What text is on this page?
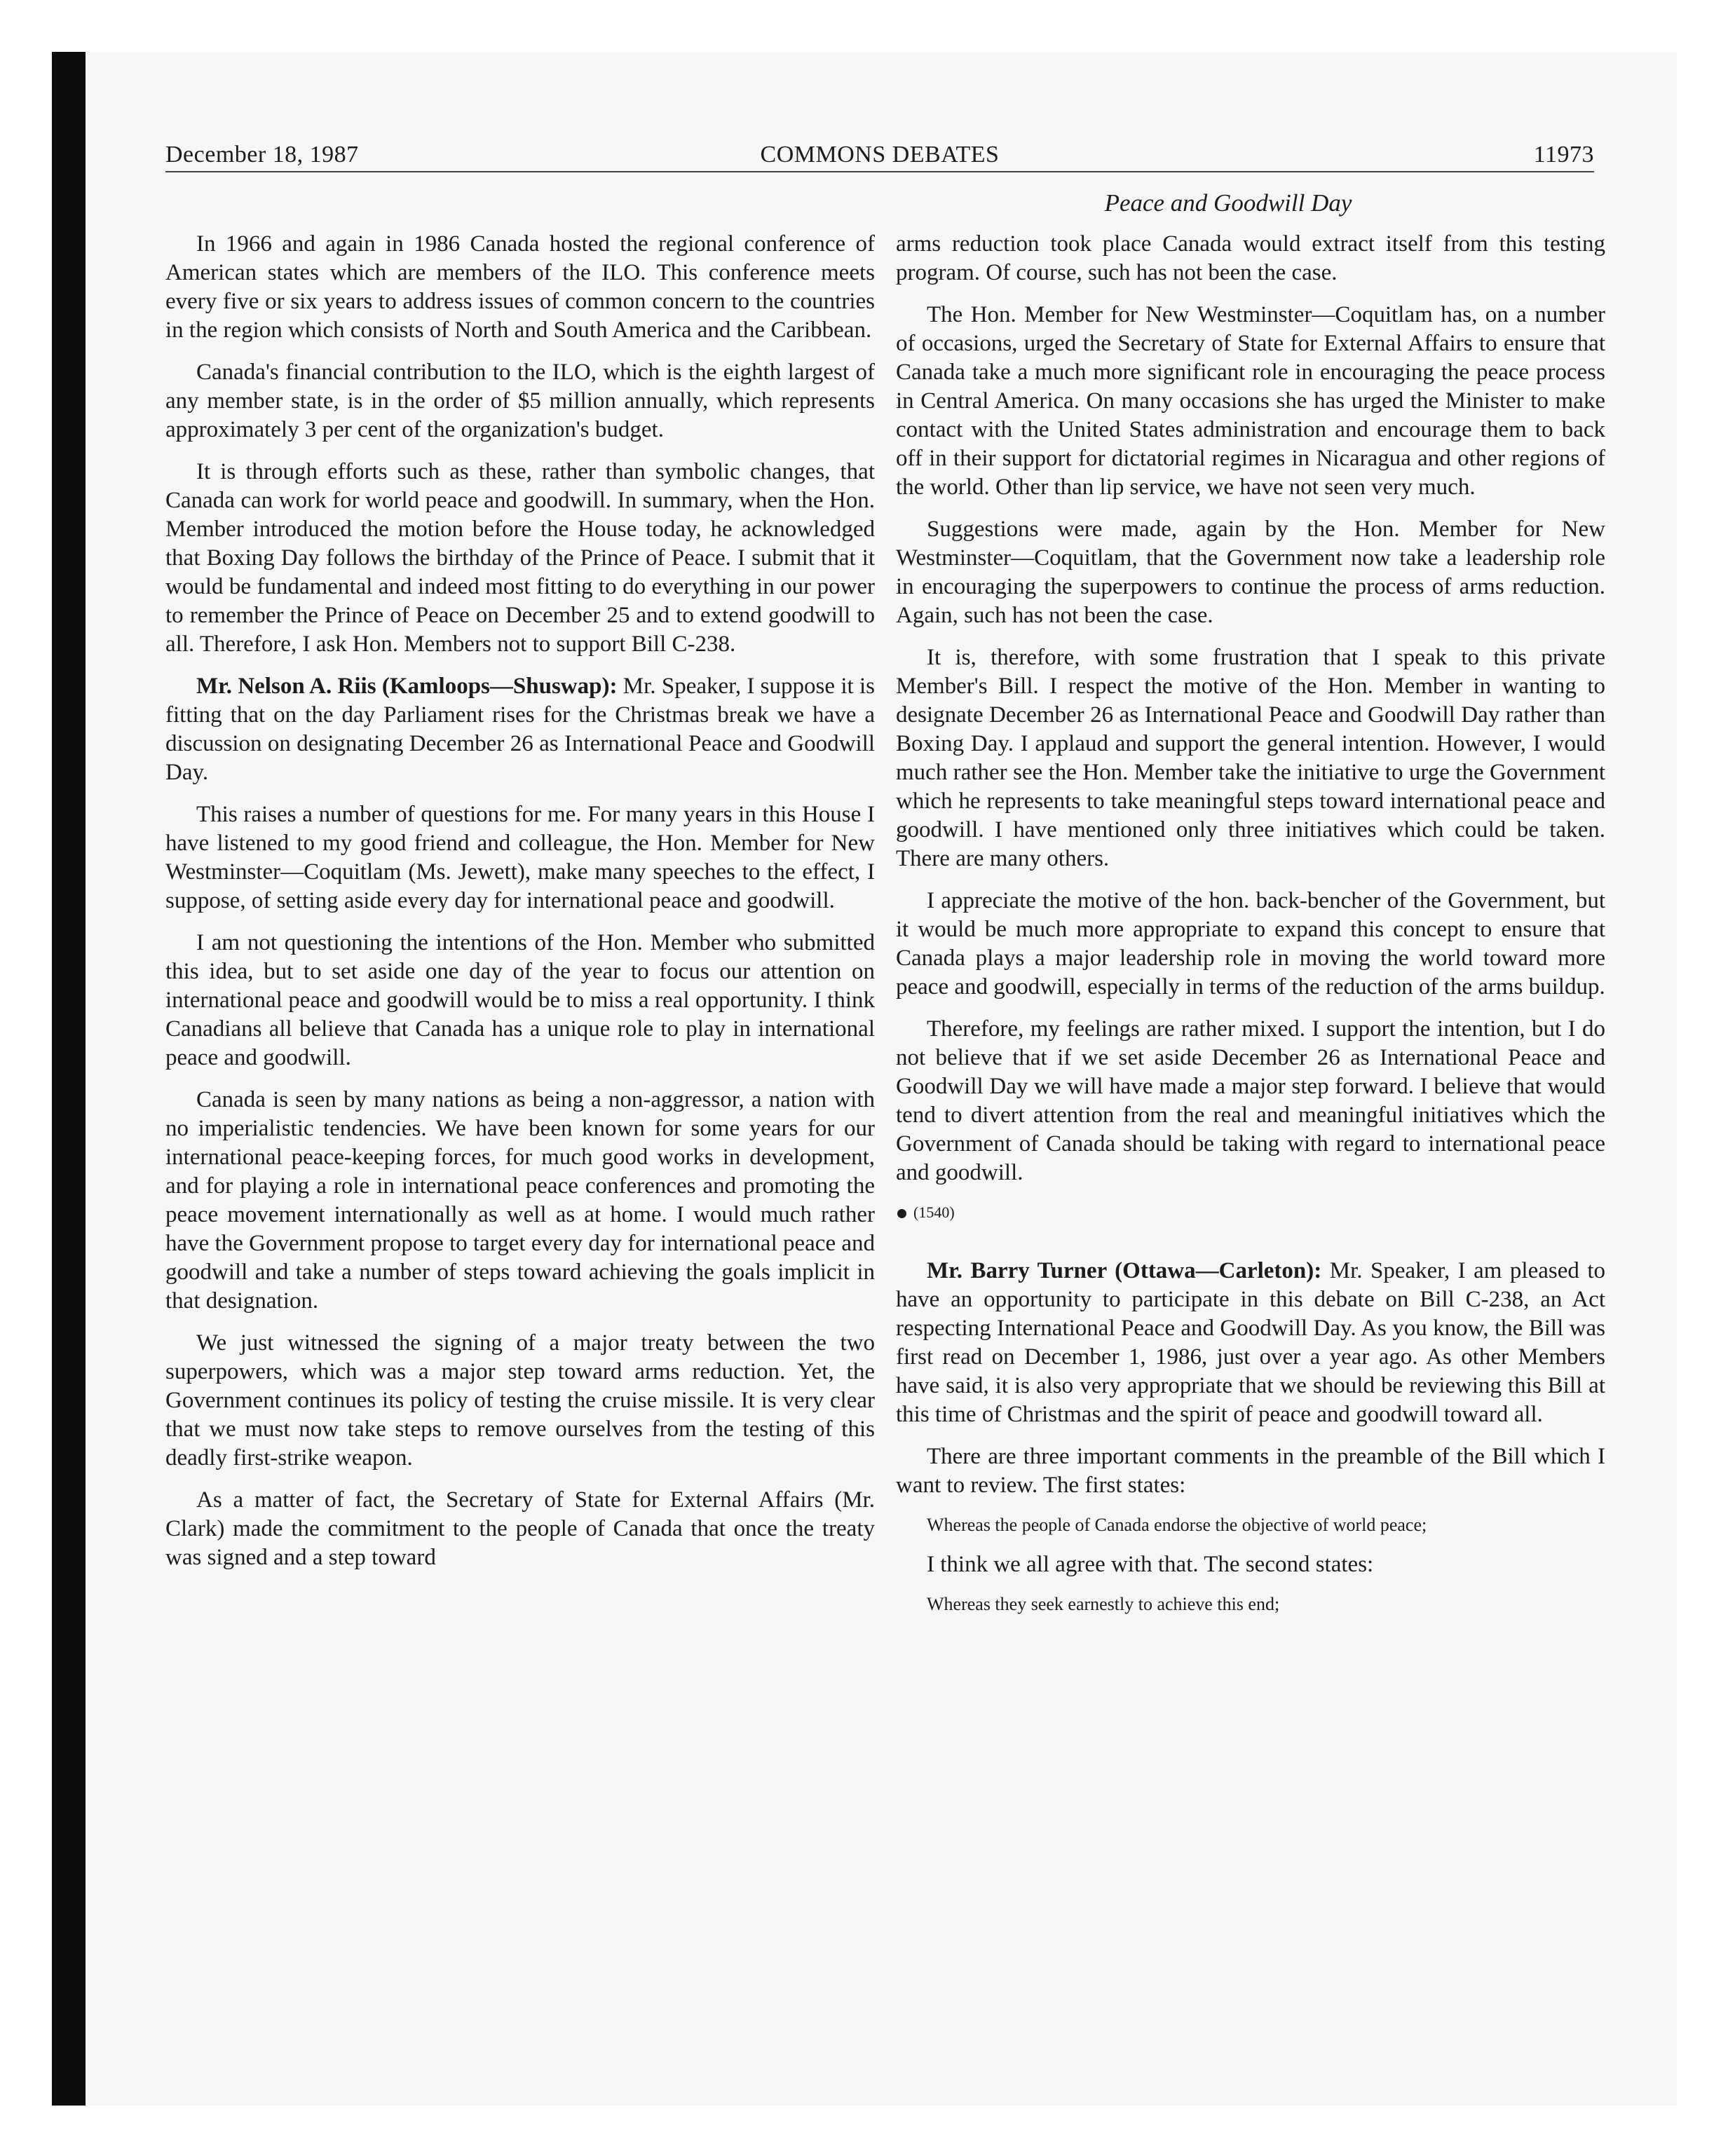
December 18, 1987	COMMONS DEBATES	11973
Peace and Goodwill Day

In 1966 and again in 1986 Canada hosted the regional conference of American states which are members of the ILO. This conference meets every five or six years to address issues of common concern to the countries in the region which consists of North and South America and the Caribbean.

Canada's financial contribution to the ILO, which is the eighth largest of any member state, is in the order of $5 million annually, which represents approximately 3 per cent of the organization's budget.

It is through efforts such as these, rather than symbolic changes, that Canada can work for world peace and goodwill. In summary, when the Hon. Member introduced the motion before the House today, he acknowledged that Boxing Day follows the birthday of the Prince of Peace. I submit that it would be fundamental and indeed most fitting to do everything in our power to remember the Prince of Peace on December 25 and to extend goodwill to all. Therefore, I ask Hon. Members not to support Bill C-238.

Mr. Nelson A. Riis (Kamloops—Shuswap): Mr. Speaker, I suppose it is fitting that on the day Parliament rises for the Christmas break we have a discussion on designating December 26 as International Peace and Goodwill Day.

This raises a number of questions for me. For many years in this House I have listened to my good friend and colleague, the Hon. Member for New Westminster—Coquitlam (Ms. Jewett), make many speeches to the effect, I suppose, of setting aside every day for international peace and goodwill.

I am not questioning the intentions of the Hon. Member who submitted this idea, but to set aside one day of the year to focus our attention on international peace and goodwill would be to miss a real opportunity. I think Canadians all believe that Canada has a unique role to play in international peace and goodwill.

Canada is seen by many nations as being a non-aggressor, a nation with no imperialistic tendencies. We have been known for some years for our international peace-keeping forces, for much good works in development, and for playing a role in international peace conferences and promoting the peace movement internationally as well as at home. I would much rather have the Government propose to target every day for international peace and goodwill and take a number of steps toward achieving the goals implicit in that designation.

We just witnessed the signing of a major treaty between the two superpowers, which was a major step toward arms reduction. Yet, the Government continues its policy of testing the cruise missile. It is very clear that we must now take steps to remove ourselves from the testing of this deadly first-strike weapon.

As a matter of fact, the Secretary of State for External Affairs (Mr. Clark) made the commitment to the people of Canada that once the treaty was signed and a step toward

arms reduction took place Canada would extract itself from this testing program. Of course, such has not been the case.

The Hon. Member for New Westminster—Coquitlam has, on a number of occasions, urged the Secretary of State for External Affairs to ensure that Canada take a much more significant role in encouraging the peace process in Central America. On many occasions she has urged the Minister to make contact with the United States administration and encourage them to back off in their support for dictatorial regimes in Nicaragua and other regions of the world. Other than lip service, we have not seen very much.

Suggestions were made, again by the Hon. Member for New Westminster—Coquitlam, that the Government now take a leadership role in encouraging the superpowers to continue the process of arms reduction. Again, such has not been the case.

It is, therefore, with some frustration that I speak to this private Member's Bill. I respect the motive of the Hon. Member in wanting to designate December 26 as International Peace and Goodwill Day rather than Boxing Day. I applaud and support the general intention. However, I would much rather see the Hon. Member take the initiative to urge the Government which he represents to take meaningful steps toward international peace and goodwill. I have mentioned only three initiatives which could be taken. There are many others.

I appreciate the motive of the hon. back-bencher of the Government, but it would be much more appropriate to expand this concept to ensure that Canada plays a major leadership role in moving the world toward more peace and goodwill, especially in terms of the reduction of the arms buildup.

Therefore, my feelings are rather mixed. I support the intention, but I do not believe that if we set aside December 26 as International Peace and Goodwill Day we will have made a major step forward. I believe that would tend to divert attention from the real and meaningful initiatives which the Government of Canada should be taking with regard to international peace and goodwill.

(1540)

Mr. Barry Turner (Ottawa—Carleton): Mr. Speaker, I am pleased to have an opportunity to participate in this debate on Bill C-238, an Act respecting International Peace and Goodwill Day. As you know, the Bill was first read on December 1, 1986, just over a year ago. As other Members have said, it is also very appropriate that we should be reviewing this Bill at this time of Christmas and the spirit of peace and goodwill toward all.

There are three important comments in the preamble of the Bill which I want to review. The first states:

Whereas the people of Canada endorse the objective of world peace;

I think we all agree with that. The second states:

Whereas they seek earnestly to achieve this end;
